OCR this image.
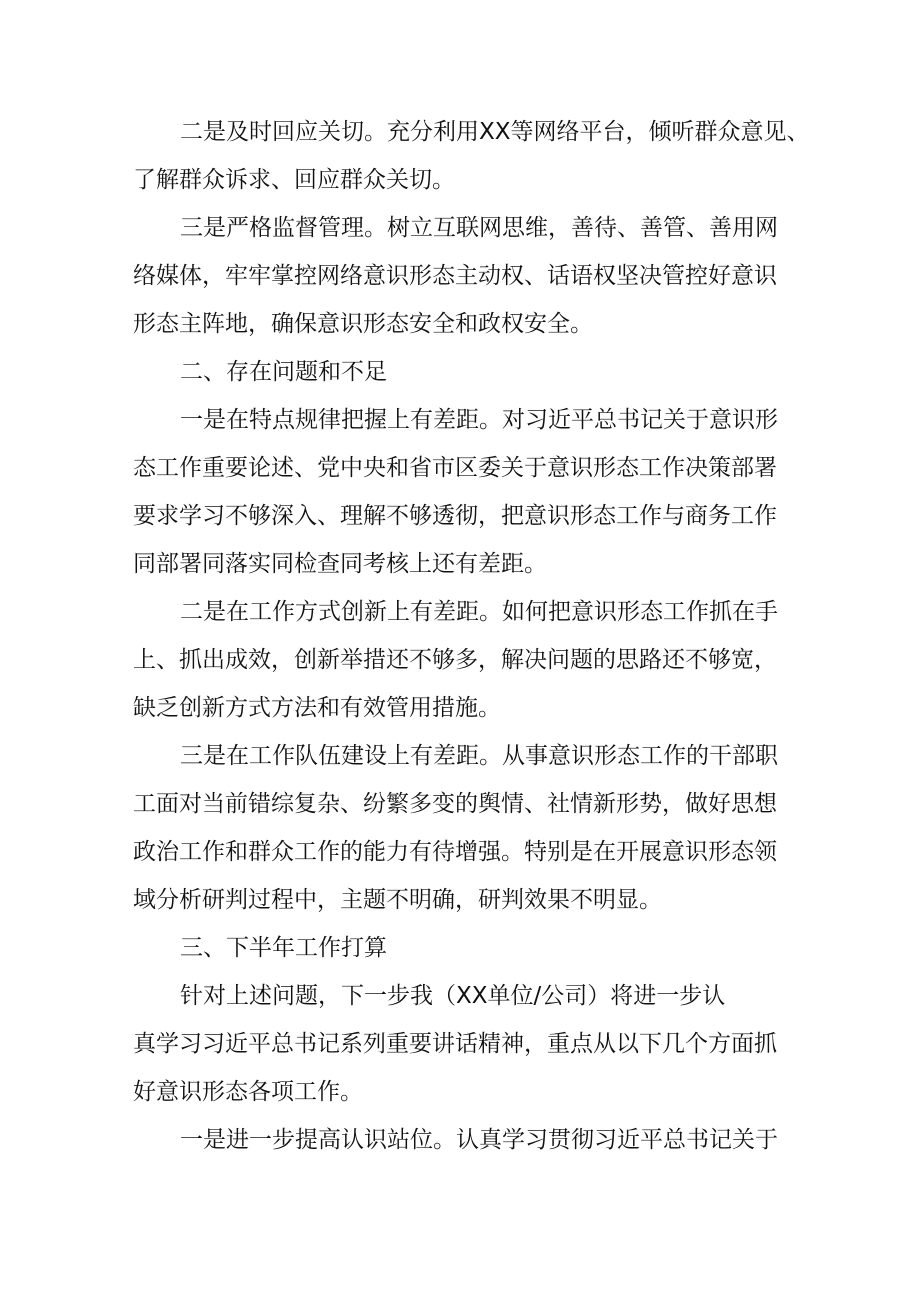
二是及时回应关切。充分利用XX等网络平台，倾听群众意见、
了解群众诉求、回应群众关切。
三是严格监督管理。树立互联网思维，善待、善管、善用网
络媒体，牢牢掌控网络意识形态主动权、话语权坚决管控好意识
形态主阵地，确保意识形态安全和政权安全。
二、存在问题和不足
一是在特点规律把握上有差距。对习近平总书记关于意识形
态工作重要论述、党中央和省市区委关于意识形态工作决策部署
要求学习不够深入、理解不够透彻，把意识形态工作与商务工作
同部署同落实同检查同考核上还有差距。
二是在工作方式创新上有差距。如何把意识形态工作抓在手
上、抓出成效，创新举措还不够多，解决问题的思路还不够宽，
缺乏创新方式方法和有效管用措施。
三是在工作队伍建设上有差距。从事意识形态工作的干部职
工面对当前错综复杂、纷繁多变的舆情、社情新形势，做好思想
政治工作和群众工作的能力有待增强。特别是在开展意识形态领
域分析研判过程中，主题不明确，研判效果不明显。
三、下半年工作打算
针对上述问题，下一步我（XX单位/公司）将进一步认
真学习习近平总书记系列重要讲话精神，重点从以下几个方面抓
好意识形态各项工作。
一是进一步提高认识站位。认真学习贯彻习近平总书记关于
